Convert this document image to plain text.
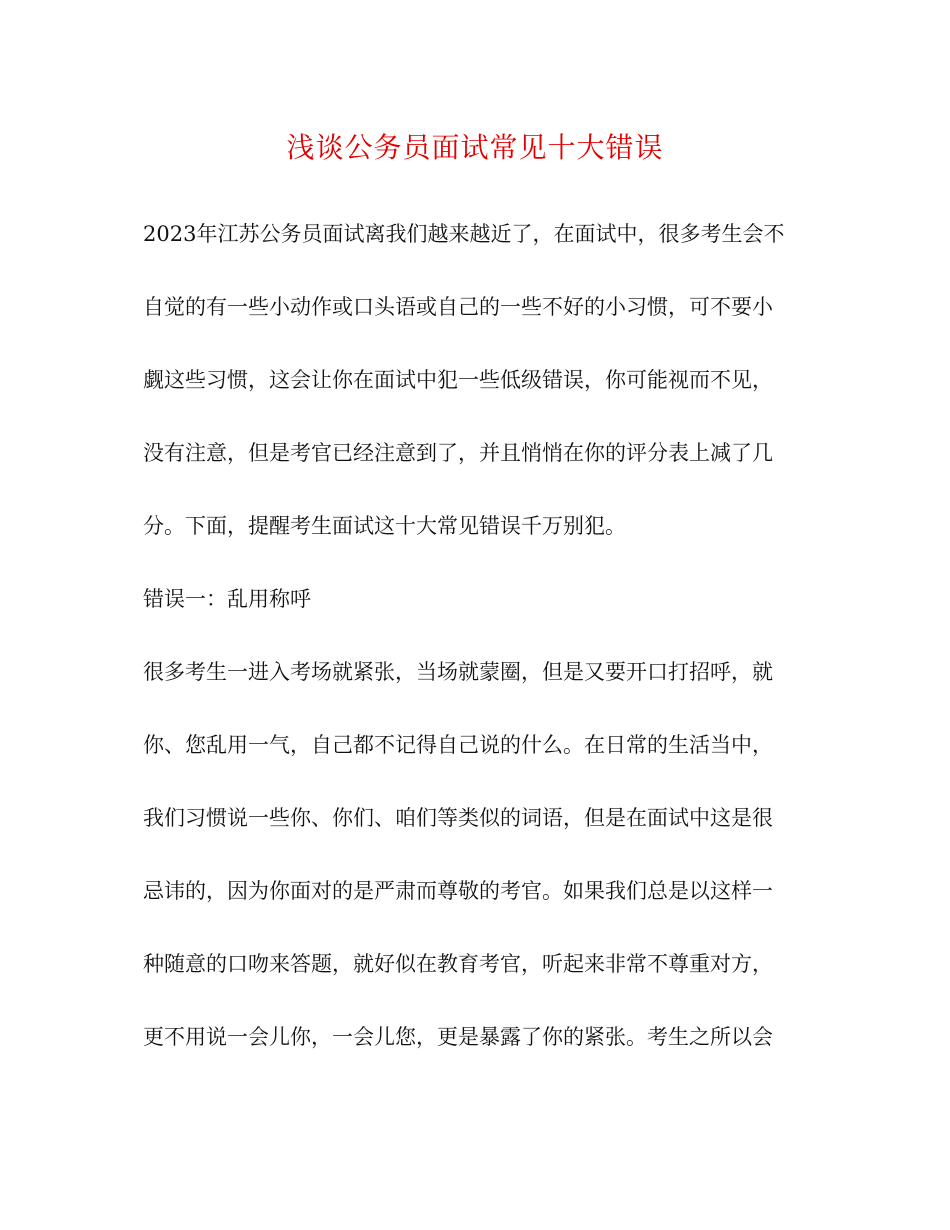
浅谈公务员面试常见十大错误
2023年江苏公务员面试离我们越来越近了，在面试中，很多考生会不
自觉的有一些小动作或口头语或自己的一些不好的小习惯，可不要小
觑这些习惯，这会让你在面试中犯一些低级错误，你可能视而不见，
没有注意，但是考官已经注意到了，并且悄悄在你的评分表上减了几
分。下面，提醒考生面试这十大常见错误千万别犯。
错误一：乱用称呼
很多考生一进入考场就紧张，当场就蒙圈，但是又要开口打招呼，就
你、您乱用一气，自己都不记得自己说的什么。在日常的生活当中，
我们习惯说一些你、你们、咱们等类似的词语，但是在面试中这是很
忌讳的，因为你面对的是严肃而尊敬的考官。如果我们总是以这样一
种随意的口吻来答题，就好似在教育考官，听起来非常不尊重对方，
更不用说一会儿你，一会儿您，更是暴露了你的紧张。考生之所以会
